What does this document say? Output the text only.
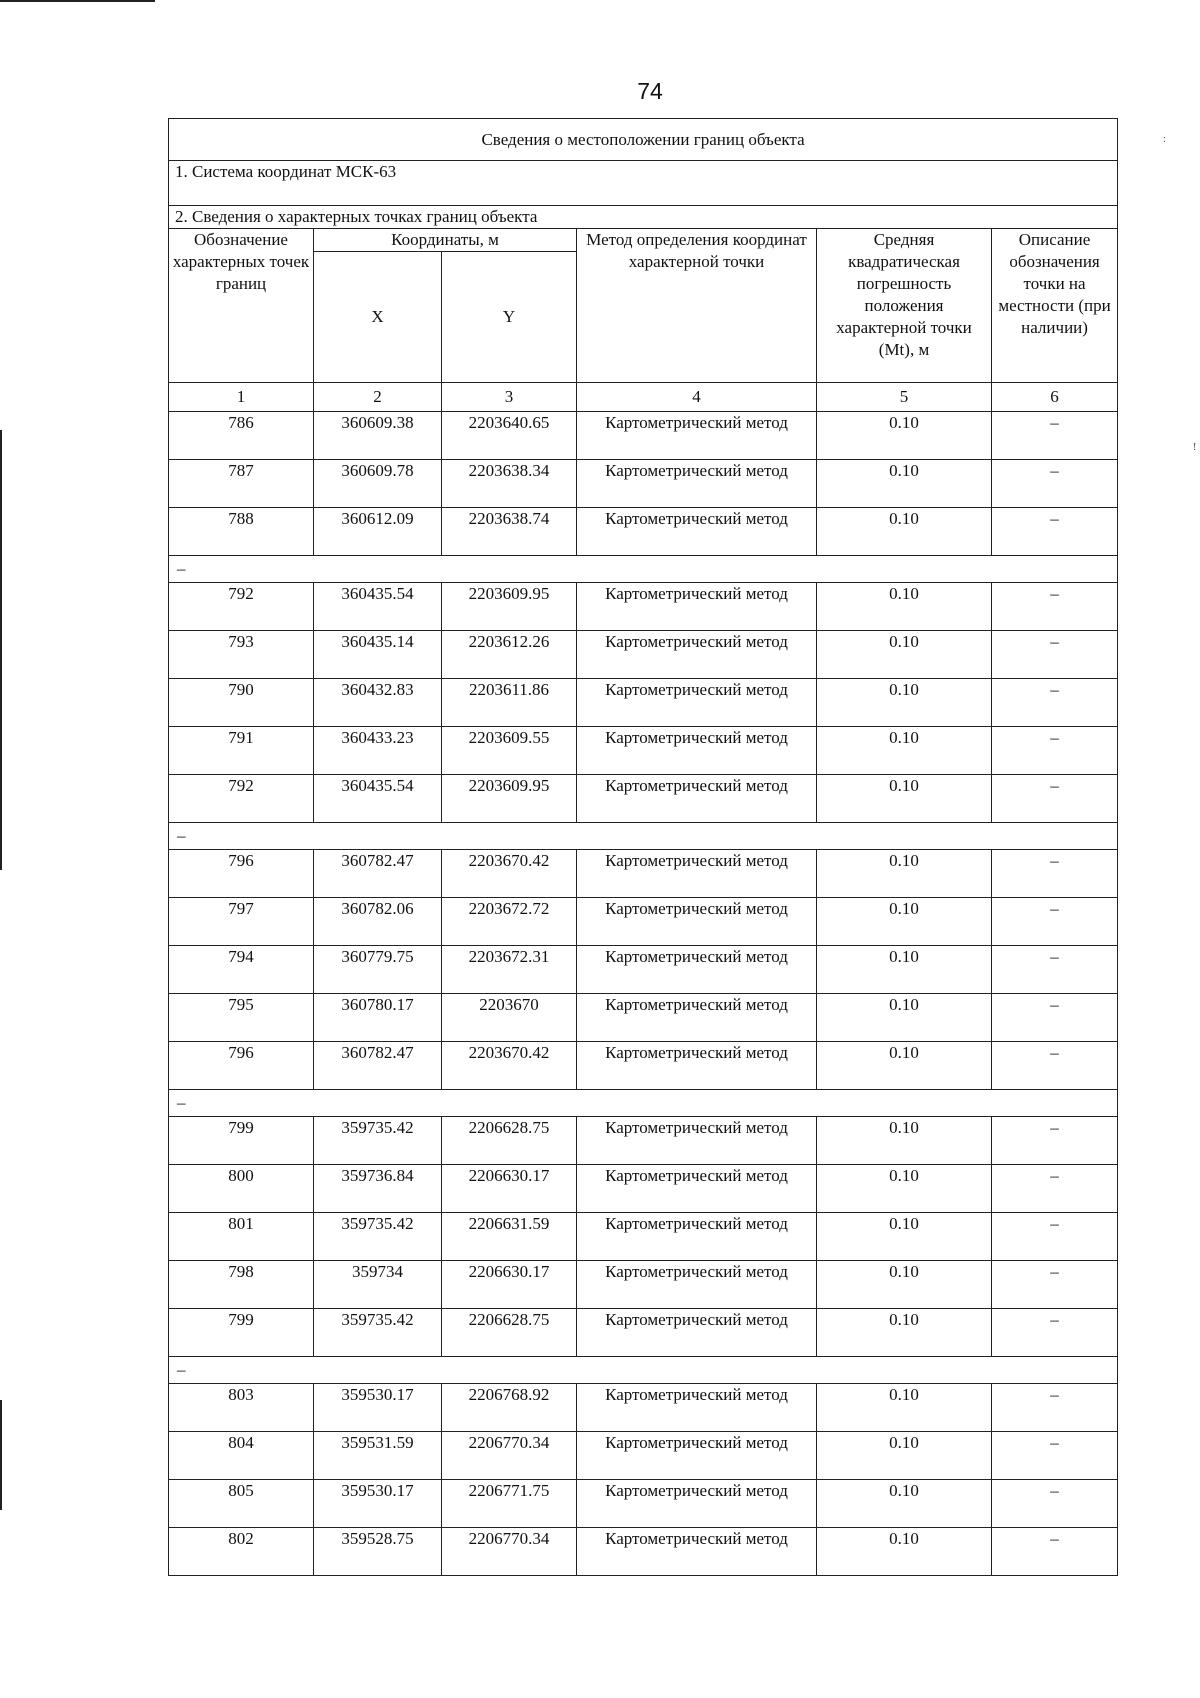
74
:
!
Сведения о местоположении границ объекта					
1. Система координат МСК-63					
2. Сведения о характерных точках границ объекта					
Обозначение характерных точек границ	Координаты, м		Метод определения координат характерной точки	Средняя квадратическая погрешность положения характерной точки (Mt), м	Описание обозначения точки на местности (при наличии)
	X	Y			
1	2	3	4	5	6
786	360609.38	2203640.65	Картометрический метод	0.10	–
787	360609.78	2203638.34	Картометрический метод	0.10	–
788	360612.09	2203638.74	Картометрический метод	0.10	–
–					
792	360435.54	2203609.95	Картометрический метод	0.10	–
793	360435.14	2203612.26	Картометрический метод	0.10	–
790	360432.83	2203611.86	Картометрический метод	0.10	–
791	360433.23	2203609.55	Картометрический метод	0.10	–
792	360435.54	2203609.95	Картометрический метод	0.10	–
–					
796	360782.47	2203670.42	Картометрический метод	0.10	–
797	360782.06	2203672.72	Картометрический метод	0.10	–
794	360779.75	2203672.31	Картометрический метод	0.10	–
795	360780.17	2203670	Картометрический метод	0.10	–
796	360782.47	2203670.42	Картометрический метод	0.10	–
–					
799	359735.42	2206628.75	Картометрический метод	0.10	–
800	359736.84	2206630.17	Картометрический метод	0.10	–
801	359735.42	2206631.59	Картометрический метод	0.10	–
798	359734	2206630.17	Картометрический метод	0.10	–
799	359735.42	2206628.75	Картометрический метод	0.10	–
–					
803	359530.17	2206768.92	Картометрический метод	0.10	–
804	359531.59	2206770.34	Картометрический метод	0.10	–
805	359530.17	2206771.75	Картометрический метод	0.10	–
802	359528.75	2206770.34	Картометрический метод	0.10	–
